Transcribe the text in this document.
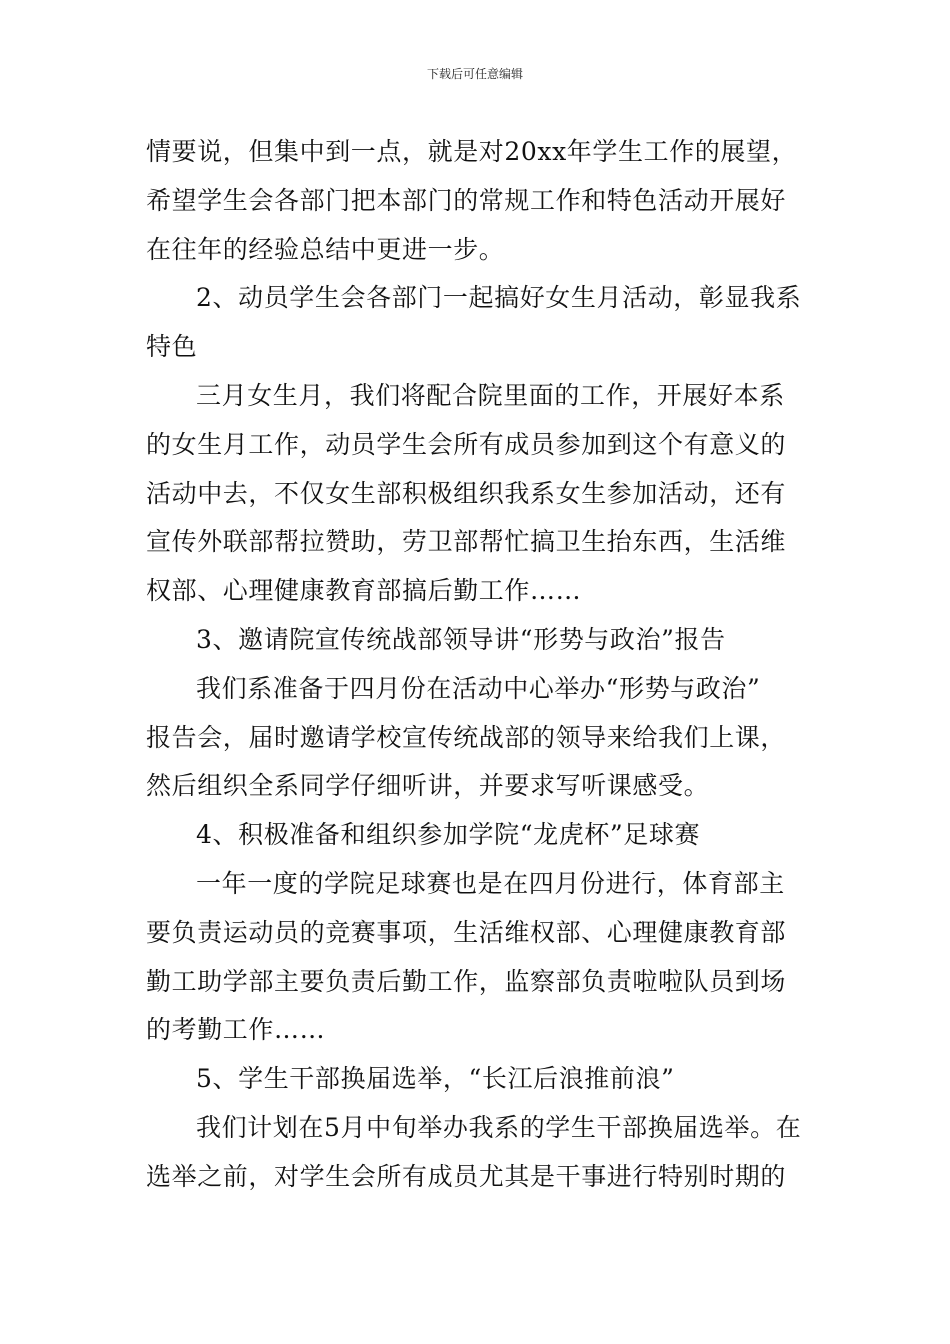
下载后可任意编辑
情要说，但集中到一点，就是对20xx年学生工作的展望，
希望学生会各部门把本部门的常规工作和特色活动开展好
在往年的经验总结中更进一步。
2、动员学生会各部门一起搞好女生月活动，彰显我系
特色
三月女生月，我们将配合院里面的工作，开展好本系
的女生月工作，动员学生会所有成员参加到这个有意义的
活动中去，不仅女生部积极组织我系女生参加活动，还有
宣传外联部帮拉赞助，劳卫部帮忙搞卫生抬东西，生活维
权部、心理健康教育部搞后勤工作……
3、邀请院宣传统战部领导讲“形势与政治”报告
我们系准备于四月份在活动中心举办“形势与政治”
报告会，届时邀请学校宣传统战部的领导来给我们上课，
然后组织全系同学仔细听讲，并要求写听课感受。
4、积极准备和组织参加学院“龙虎杯”足球赛
一年一度的学院足球赛也是在四月份进行，体育部主
要负责运动员的竞赛事项，生活维权部、心理健康教育部
勤工助学部主要负责后勤工作，监察部负责啦啦队员到场
的考勤工作……
5、学生干部换届选举，“长江后浪推前浪”
我们计划在5月中旬举办我系的学生干部换届选举。在
选举之前，对学生会所有成员尤其是干事进行特别时期的
